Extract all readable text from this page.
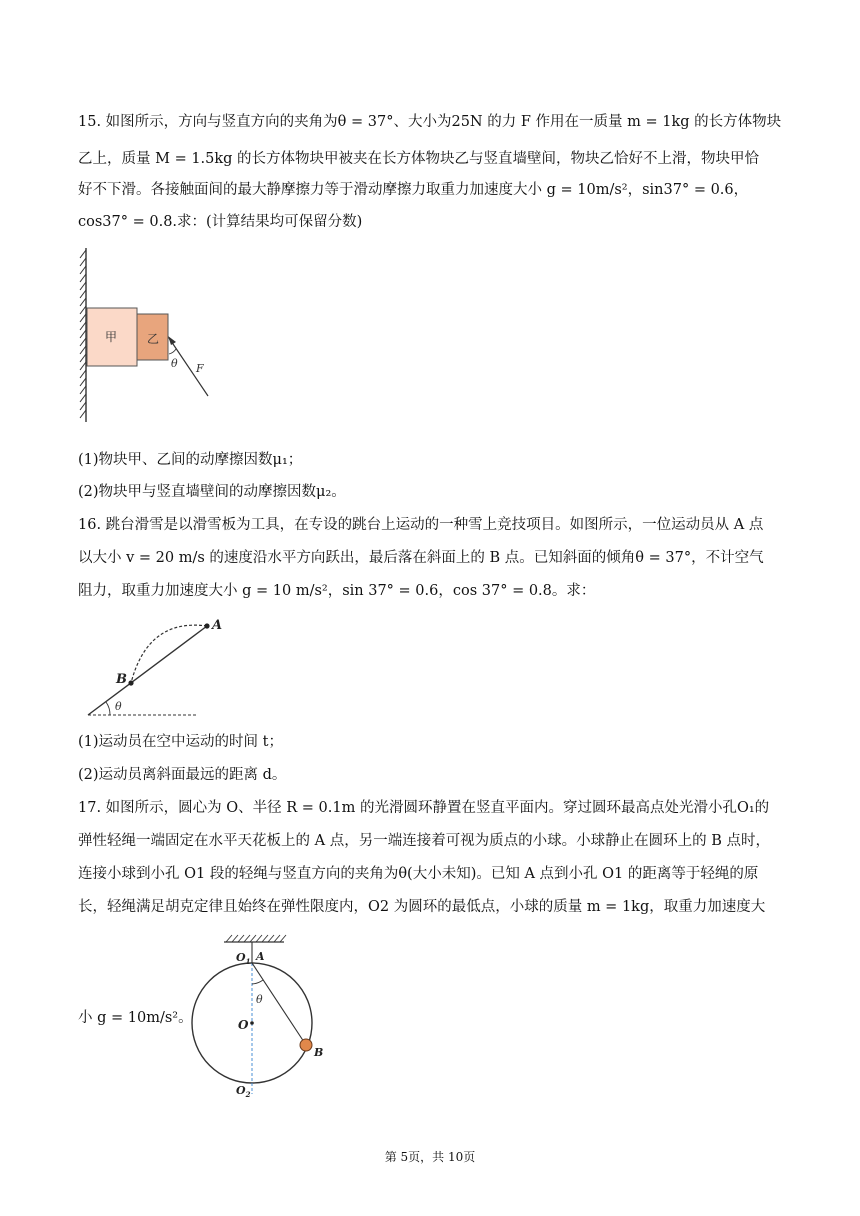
15. 如图所示，方向与竖直方向的夹角为θ = 37°、大小为25N 的力 F 作用在一质量 m = 1kg 的长方体物块
乙上，质量 M = 1.5kg 的长方体物块甲被夹在长方体物块乙与竖直墙壁间，物块乙恰好不上滑，物块甲恰
好不下滑。各接触面间的最大静摩擦力等于滑动摩擦力取重力加速度大小 g = 10m/s²，sin37° = 0.6，
cos37° = 0.8.求：(计算结果均可保留分数)
甲 乙
θ F
(1)物块甲、乙间的动摩擦因数μ₁；
(2)物块甲与竖直墙壁间的动摩擦因数μ₂。
16. 跳台滑雪是以滑雪板为工具，在专设的跳台上运动的一种雪上竞技项目。如图所示，一位运动员从 A 点
以大小 v = 20 m/s 的速度沿水平方向跃出，最后落在斜面上的 B 点。已知斜面的倾角θ = 37°，不计空气
阻力，取重力加速度大小 g = 10 m/s²，sin 37° = 0.6，cos 37° = 0.8。求：
A
B
θ
(1)运动员在空中运动的时间 t；
(2)运动员离斜面最远的距离 d。
17. 如图所示，圆心为 O、半径 R = 0.1m 的光滑圆环静置在竖直平面内。穿过圆环最高点处光滑小孔O₁的
弹性轻绳一端固定在水平天花板上的 A 点，另一端连接着可视为质点的小球。小球静止在圆环上的 B 点时，
连接小球到小孔 O1 段的轻绳与竖直方向的夹角为θ(大小未知)。已知 A 点到小孔 O1 的距离等于轻绳的原
长，轻绳满足胡克定律且始终在弹性限度内，O2 为圆环的最低点，小球的质量 m = 1kg，取重力加速度大
小 g = 10m/s²。
θ
O
B
$O_1$ A
$O_2$
第 5页，共 10页
